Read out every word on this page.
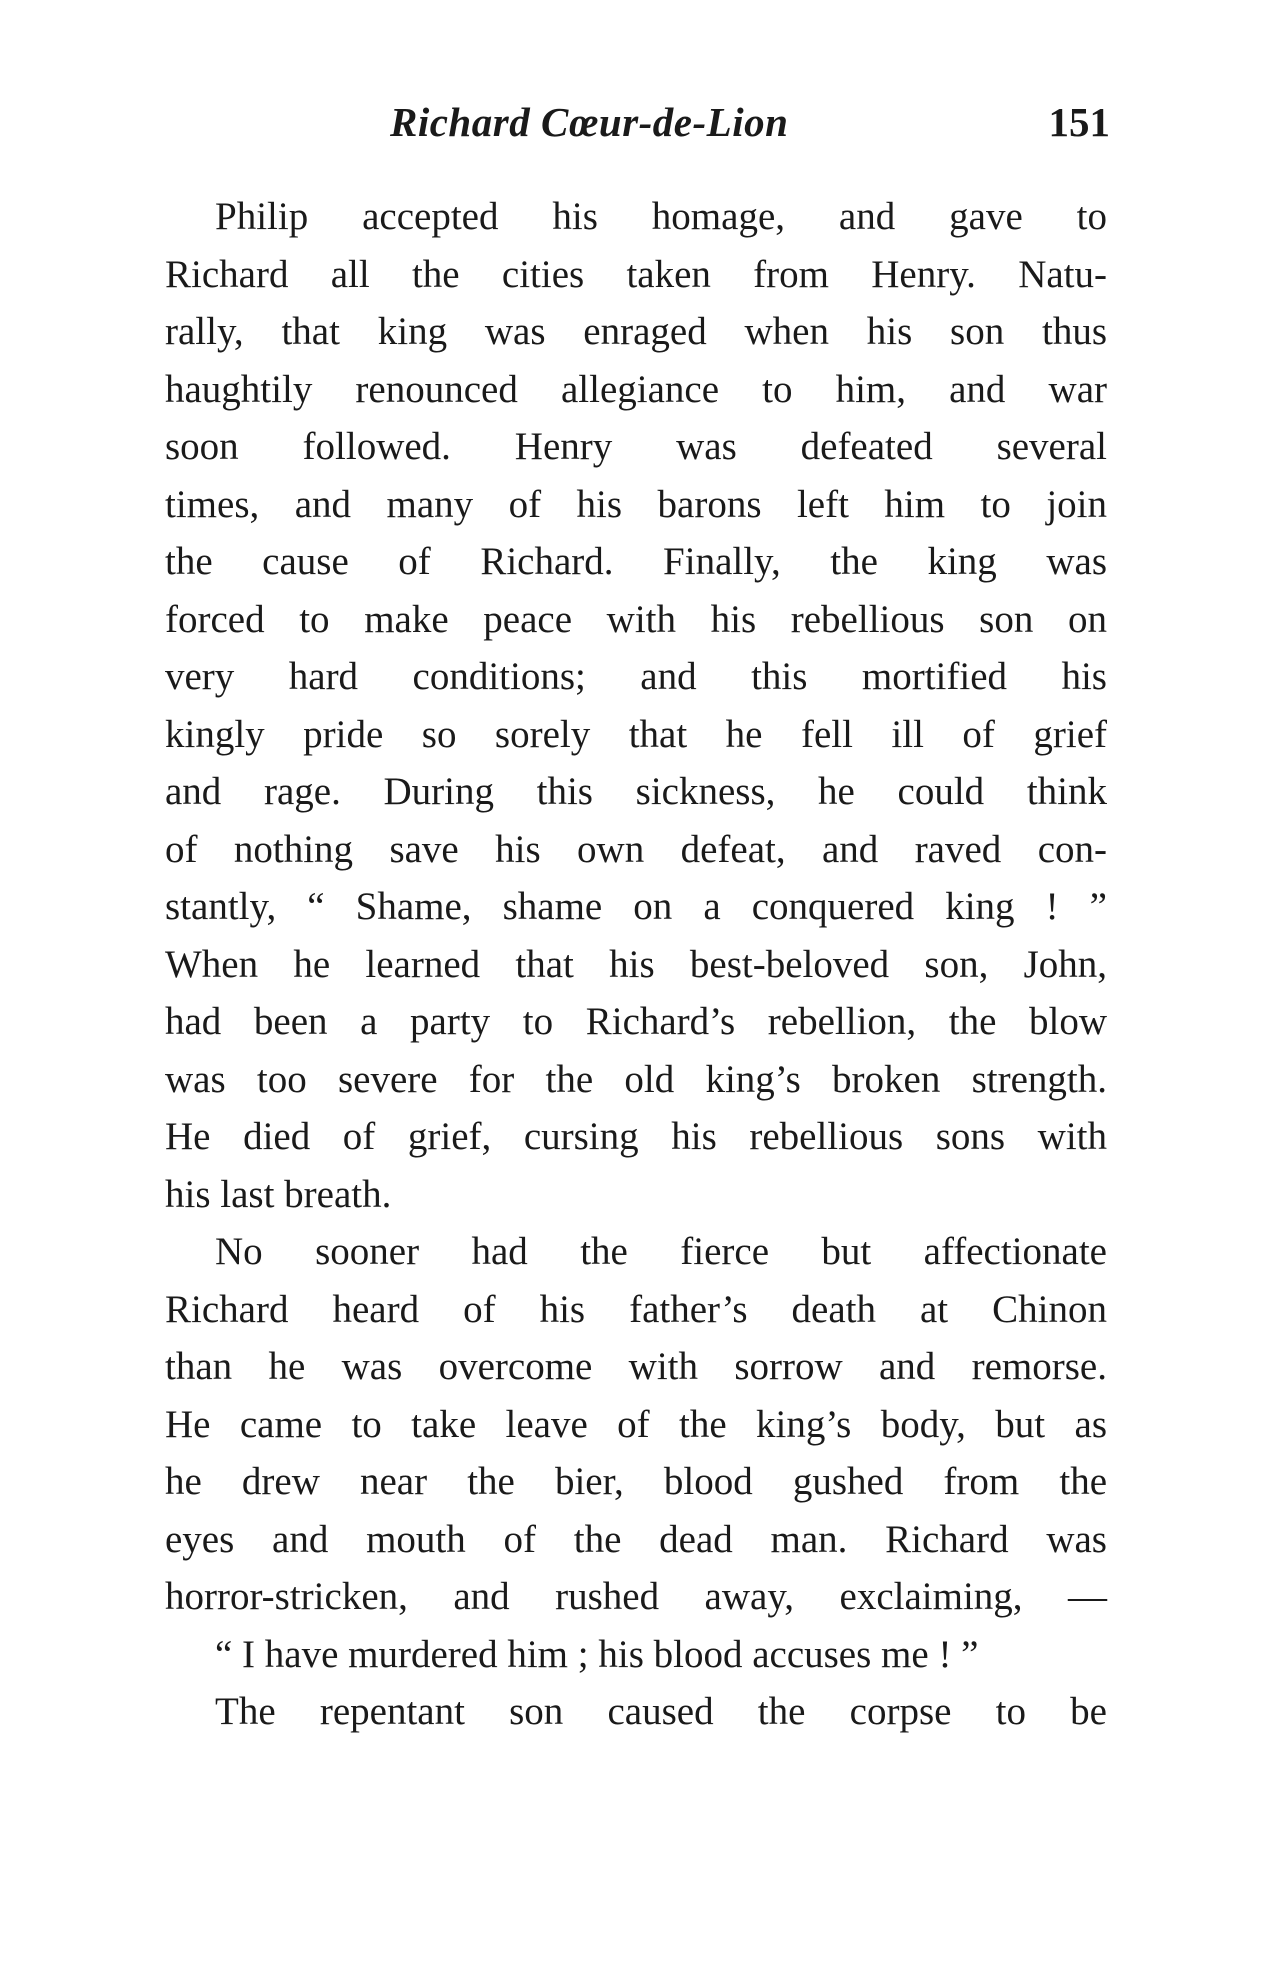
Richard Cœur-de-Lion	151
Philip accepted his homage, and gave to
Richard all the cities taken from Henry. Natu-
rally, that king was enraged when his son thus
haughtily renounced allegiance to him, and war
soon followed. Henry was defeated several
times, and many of his barons left him to join
the cause of Richard. Finally, the king was
forced to make peace with his rebellious son on
very hard conditions; and this mortified his
kingly pride so sorely that he fell ill of grief
and rage. During this sickness, he could think
of nothing save his own defeat, and raved con-
stantly, “ Shame, shame on a conquered king ! ”
When he learned that his best-beloved son, John,
had been a party to Richard’s rebellion, the blow
was too severe for the old king’s broken strength.
He died of grief, cursing his rebellious sons with
his last breath.
No sooner had the fierce but affectionate
Richard heard of his father’s death at Chinon
than he was overcome with sorrow and remorse.
He came to take leave of the king’s body, but as
he drew near the bier, blood gushed from the
eyes and mouth of the dead man. Richard was
horror-stricken, and rushed away, exclaiming, —
“ I have murdered him ; his blood accuses me ! ”
The repentant son caused the corpse to be
